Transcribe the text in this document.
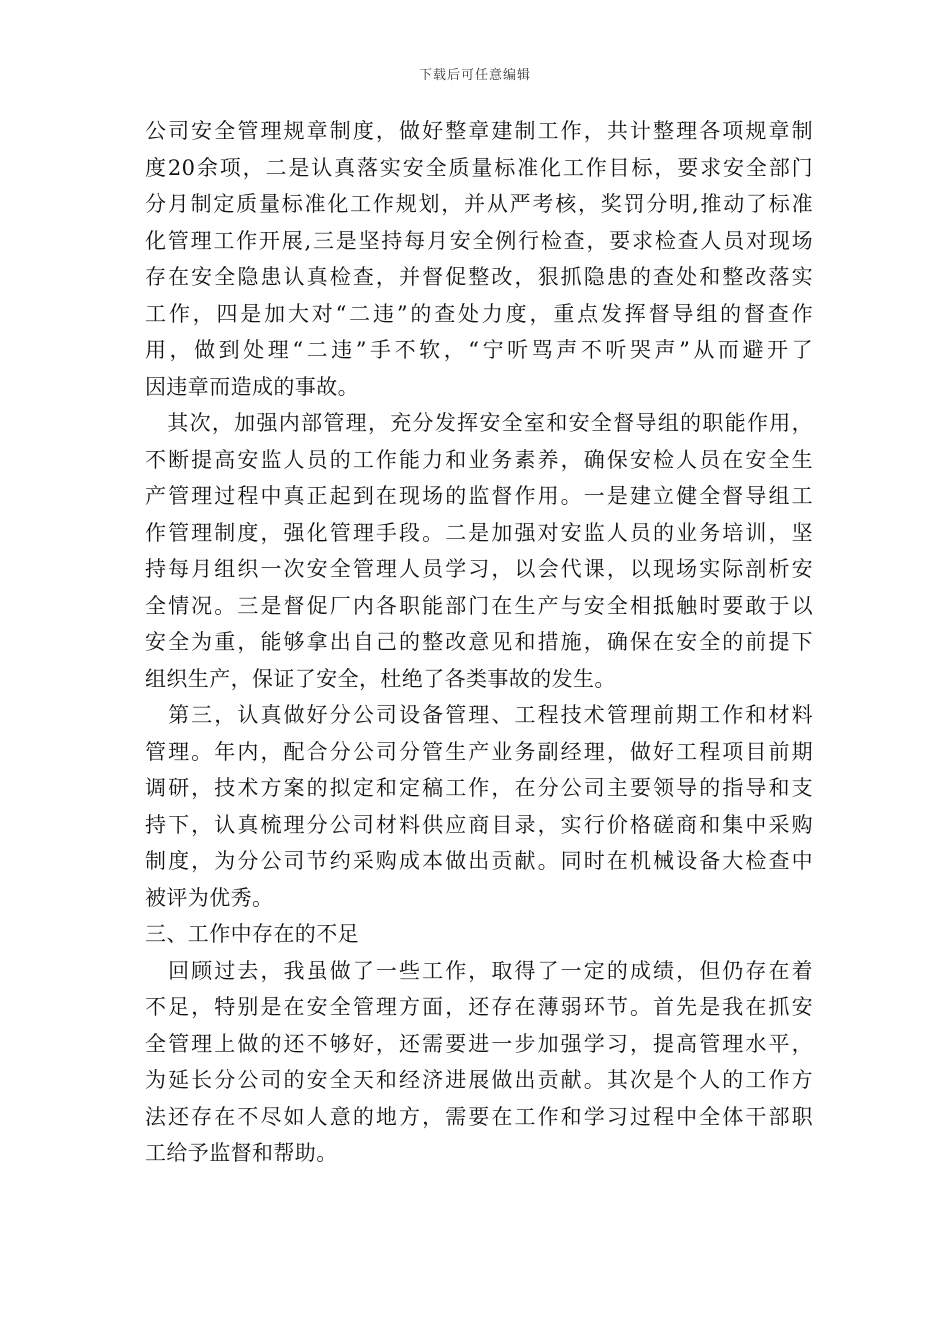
下载后可任意编辑
公司安全管理规章制度，做好整章建制工作，共计整理各项规章制
度20余项，二是认真落实安全质量标准化工作目标，要求安全部门
分月制定质量标准化工作规划，并从严考核，奖罚分明,推动了标准
化管理工作开展,三是坚持每月安全例行检查，要求检查人员对现场
存在安全隐患认真检查，并督促整改，狠抓隐患的查处和整改落实
工作，四是加大对“二违”的查处力度，重点发挥督导组的督查作
用，做到处理“二违”手不软，“宁听骂声不听哭声”从而避开了
因违章而造成的事故。
　其次，加强内部管理，充分发挥安全室和安全督导组的职能作用，
不断提高安监人员的工作能力和业务素养，确保安检人员在安全生
产管理过程中真正起到在现场的监督作用。一是建立健全督导组工
作管理制度，强化管理手段。二是加强对安监人员的业务培训，坚
持每月组织一次安全管理人员学习，以会代课，以现场实际剖析安
全情况。三是督促厂内各职能部门在生产与安全相抵触时要敢于以
安全为重，能够拿出自己的整改意见和措施，确保在安全的前提下
组织生产，保证了安全，杜绝了各类事故的发生。
　第三，认真做好分公司设备管理、工程技术管理前期工作和材料
管理。年内，配合分公司分管生产业务副经理，做好工程项目前期
调研，技术方案的拟定和定稿工作，在分公司主要领导的指导和支
持下，认真梳理分公司材料供应商目录，实行价格磋商和集中采购
制度，为分公司节约采购成本做出贡献。同时在机械设备大检查中
被评为优秀。
三、工作中存在的不足
　回顾过去，我虽做了一些工作，取得了一定的成绩，但仍存在着
不足，特别是在安全管理方面，还存在薄弱环节。首先是我在抓安
全管理上做的还不够好，还需要进一步加强学习，提高管理水平，
为延长分公司的安全天和经济进展做出贡献。其次是个人的工作方
法还存在不尽如人意的地方，需要在工作和学习过程中全体干部职
工给予监督和帮助。
